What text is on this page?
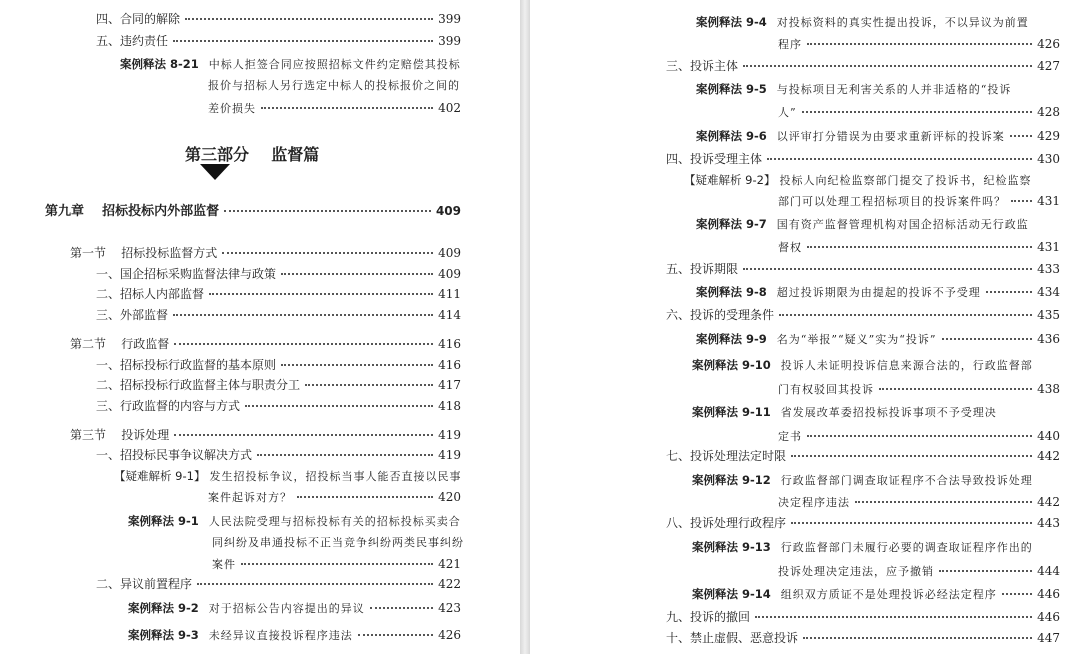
四、合同的解除	399
五、违约责任	399
案例释法 8-21 中标人拒签合同应按照招标文件约定赔偿其投标
报价与招标人另行选定中标人的投标报价之间的
差价损失	402
第三部分    监督篇
第九章    招标投标内外部监督	409
第一节    招标投标监督方式	409
一、国企招标采购监督法律与政策	409
二、招标人内部监督	411
三、外部监督	414
第二节    行政监督	416
一、招标投标行政监督的基本原则	416
二、招标投标行政监督主体与职责分工	417
三、行政监督的内容与方式	418
第三节    投诉处理	419
一、招投标民事争议解决方式	419
【疑难解析 9-1】 发生招投标争议，招投标当事人能否直接以民事
案件起诉对方？	420
案例释法 9-1 人民法院受理与招标投标有关的招标投标买卖合
同纠纷及串通投标不正当竞争纠纷两类民事纠纷
案件	421
二、异议前置程序	422
案例释法 9-2 对于招标公告内容提出的异议	423
案例释法 9-3 未经异议直接投诉程序违法	426
案例释法 9-4 对投标资料的真实性提出投诉，不以异议为前置
程序	426
三、投诉主体	427
案例释法 9-5 与投标项目无利害关系的人并非适格的“投诉
人”	428
案例释法 9-6 以评审打分错误为由要求重新评标的投诉案	429
四、投诉受理主体	430
【疑难解析 9-2】 投标人向纪检监察部门提交了投诉书，纪检监察
部门可以处理工程招标项目的投诉案件吗？	431
案例释法 9-7 国有资产监督管理机构对国企招标活动无行政监
督权	431
五、投诉期限	433
案例释法 9-8 超过投诉期限为由提起的投诉不予受理	434
六、投诉的受理条件	435
案例释法 9-9 名为“举报”“疑义”实为“投诉”	436
案例释法 9-10 投诉人未证明投诉信息来源合法的，行政监督部
门有权驳回其投诉	438
案例释法 9-11 省发展改革委招投标投诉事项不予受理决
定书	440
七、投诉处理法定时限	442
案例释法 9-12 行政监督部门调查取证程序不合法导致投诉处理
决定程序违法	442
八、投诉处理行政程序	443
案例释法 9-13 行政监督部门未履行必要的调查取证程序作出的
投诉处理决定违法，应予撤销	444
案例释法 9-14 组织双方质证不是处理投诉必经法定程序	446
九、投诉的撤回	446
十、禁止虚假、恶意投诉	447
